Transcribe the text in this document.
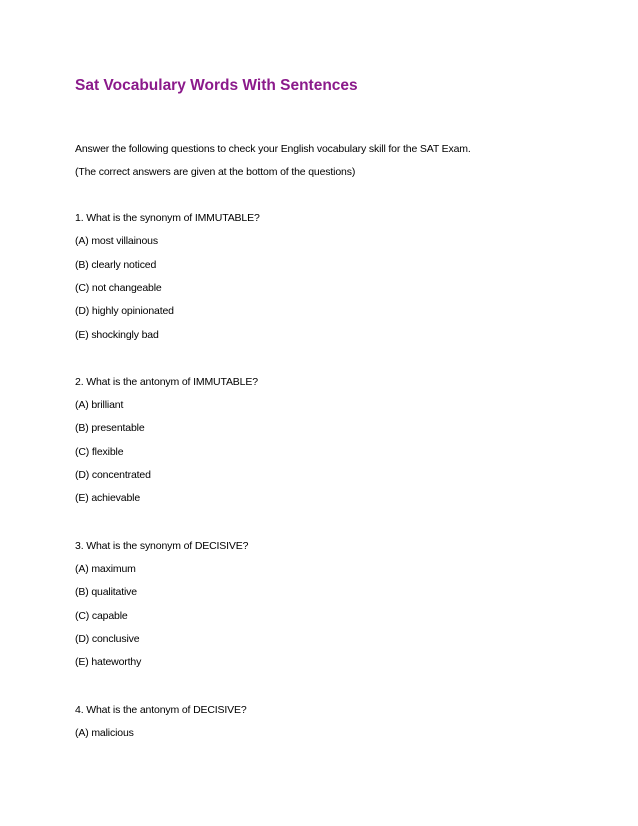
Sat Vocabulary Words With Sentences
Answer the following questions to check your English vocabulary skill for the SAT Exam.
(The correct answers are given at the bottom of the questions)
1. What is the synonym of IMMUTABLE?
(A) most villainous
(B) clearly noticed
(C) not changeable
(D) highly opinionated
(E) shockingly bad
2. What is the antonym of IMMUTABLE?
(A) brilliant
(B) presentable
(C) flexible
(D) concentrated
(E) achievable
3. What is the synonym of DECISIVE?
(A) maximum
(B) qualitative
(C) capable
(D) conclusive
(E) hateworthy
4. What is the antonym of DECISIVE?
(A) malicious
